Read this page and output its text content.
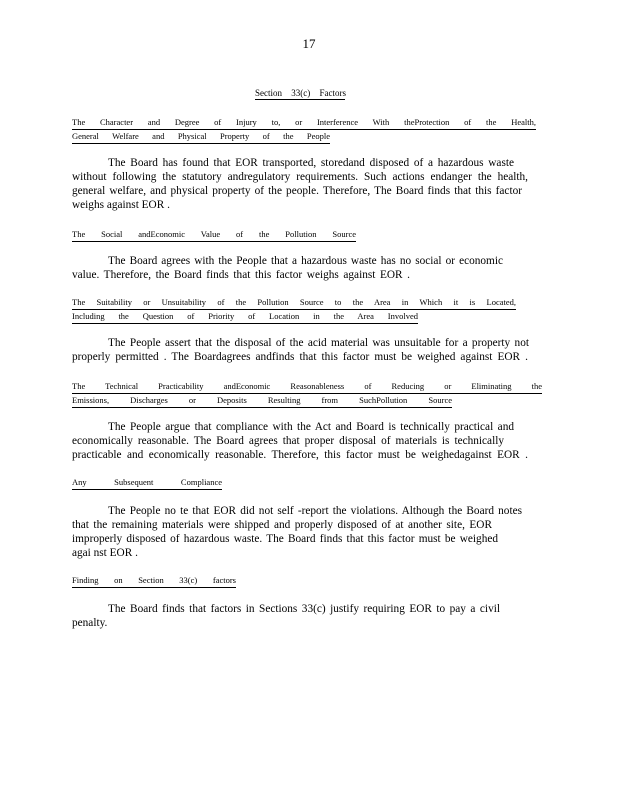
17
Section 33(c) Factors
The Character and Degree of Injury to, or Interference With theProtection of the Health,
General Welfare and Physical Property of the People
The Board has found that EOR transported, storedand disposed of a hazardous waste
without following the statutory andregulatory requirements. Such actions endanger the health,
general welfare, and physical property of the people. Therefore, The Board finds that this factor
weighs against EOR .
The Social andEconomic Value of the Pollution Source
The Board agrees with the People that a hazardous waste has no social or economic
value. Therefore, the Board finds that this factor weighs against EOR .
The Suitability or Unsuitability of the Pollution Source to the Area in Which it is Located,
Including the Question of Priority of Location in the Area Involved
The People assert that the disposal of the acid material was unsuitable for a property not
properly permitted . The Boardagrees andfinds that this factor must be weighed against EOR .
The Technical Practicability andEconomic Reasonableness of Reducing or Eliminating the
Emissions, Discharges or Deposits Resulting from SuchPollution Source
The People argue that compliance with the Act and Board is technically practical and
economically reasonable. The Board agrees that proper disposal of materials is technically
practicable and economically reasonable. Therefore, this factor must be weighedagainst EOR .
Any Subsequent Compliance
The People no te that EOR did not self -report the violations. Although the Board notes
that the remaining materials were shipped and properly disposed of at another site, EOR
improperly disposed of hazardous waste. The Board finds that this factor must be weighed
agai nst EOR .
Finding on Section 33(c) factors
The Board finds that factors in Sections 33(c) justify requiring EOR to pay a civil
penalty.
